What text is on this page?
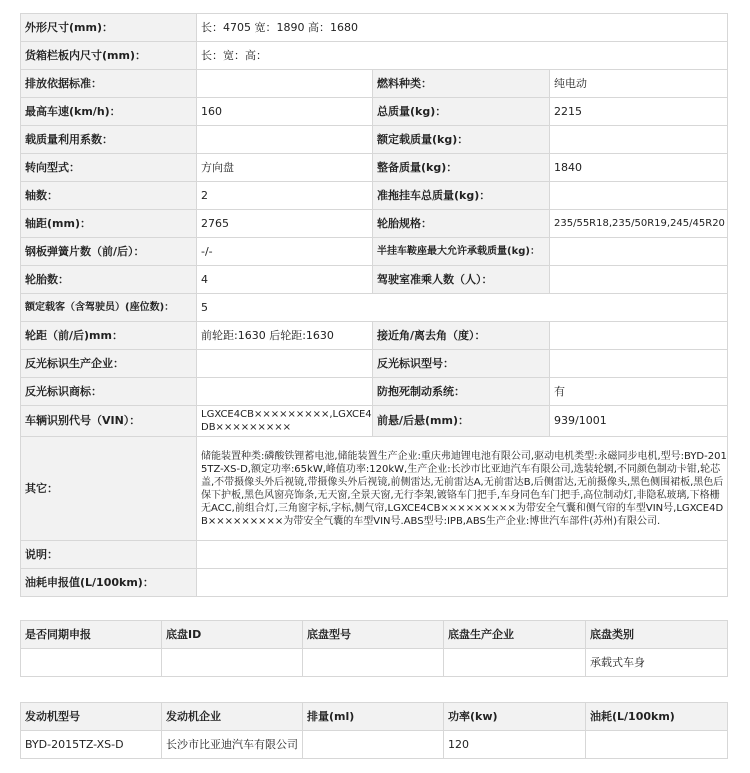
外形尺寸(mm)：	长：4705 宽：1890 高：1680		
货箱栏板内尺寸(mm)：	长：宽：高：		
排放依据标准：		燃料种类：	纯电动
最高车速(km/h)：	160	总质量(kg)：	2215
载质量利用系数：		额定载质量(kg)：	
转向型式：	方向盘	整备质量(kg)：	1840
轴数：	2	准拖挂车总质量(kg)：	
轴距(mm)：	2765	轮胎规格：	235/55R18,235/50R19,245/45R20
钢板弹簧片数（前/后）：	-/-	半挂车鞍座最大允许承载质量(kg)：	
轮胎数：	4	驾驶室准乘人数（人）：	
额定载客（含驾驶员）(座位数)：	5		
轮距（前/后)mm：	前轮距:1630 后轮距:1630	接近角/离去角（度）：	
反光标识生产企业：		反光标识型号：	
反光标识商标：		防抱死制动系统：	有
车辆识别代号（VIN）：	LGXCE4CB×××××××××,LGXCE4DB×××××××××	前悬/后悬(mm)：	939/1001
其它：	储能装置种类:磷酸铁锂蓄电池,储能装置生产企业:重庆弗迪锂电池有限公司,驱动电机类型:永磁同步电机,型号:BYD-2015TZ-XS-D,额定功率:65kW,峰值功率:120kW,生产企业:长沙市比亚迪汽车有限公司,选装轮辋,不同颜色制动卡钳,轮芯盖,不带摄像头外后视镜,带摄像头外后视镜,前侧雷达,无前雷达A,无前雷达B,后侧雷达,无前摄像头,黑色侧围裙板,黑色后保下护板,黑色风窗亮饰条,无天窗,全景天窗,无行李架,镀铬车门把手,车身同色车门把手,高位制动灯,非隐私玻璃,下格栅无ACC,前组合灯,三角窗字标,字标,侧气帘,LGXCE4CB×××××××××为带安全气囊和侧气帘的车型VIN号,LGXCE4DB×××××××××为带安全气囊的车型VIN号.ABS型号:IPB,ABS生产企业:博世汽车部件(苏州)有限公司.		
说明：			
油耗申报值(L/100km)：			
是否同期申报	底盘ID	底盘型号	底盘生产企业	底盘类别
				承载式车身
发动机型号	发动机企业	排量(ml)	功率(kw)	油耗(L/100km)
BYD-2015TZ-XS-D	长沙市比亚迪汽车有限公司		120	
